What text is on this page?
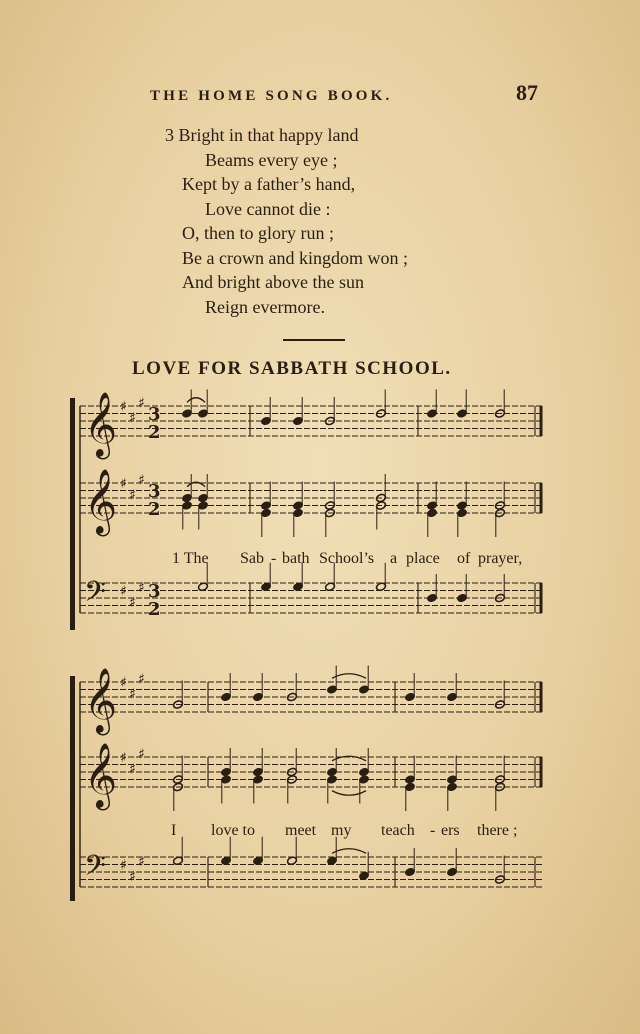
THE HOME SONG BOOK.	87
3 Bright in that happy land
Beams every eye ;
Kept by a father’s hand,
Love cannot die :
O, then to glory run ;
Be a crown and kingdom won ;
And bright above the sun
Reign evermore.
LOVE FOR SABBATH SCHOOL.
𝄞 ♯
♯
♯
3
2
𝄞 ♯
♯
♯
3
2
𝄢 ♯
♯
♯ 3
2
𝄞 ♯
♯
♯
𝄞 ♯
♯
♯
𝄢 ♯
♯
♯
1 The Sab - bath School’s a place of prayer,
I love to meet my teach - ers there ;
